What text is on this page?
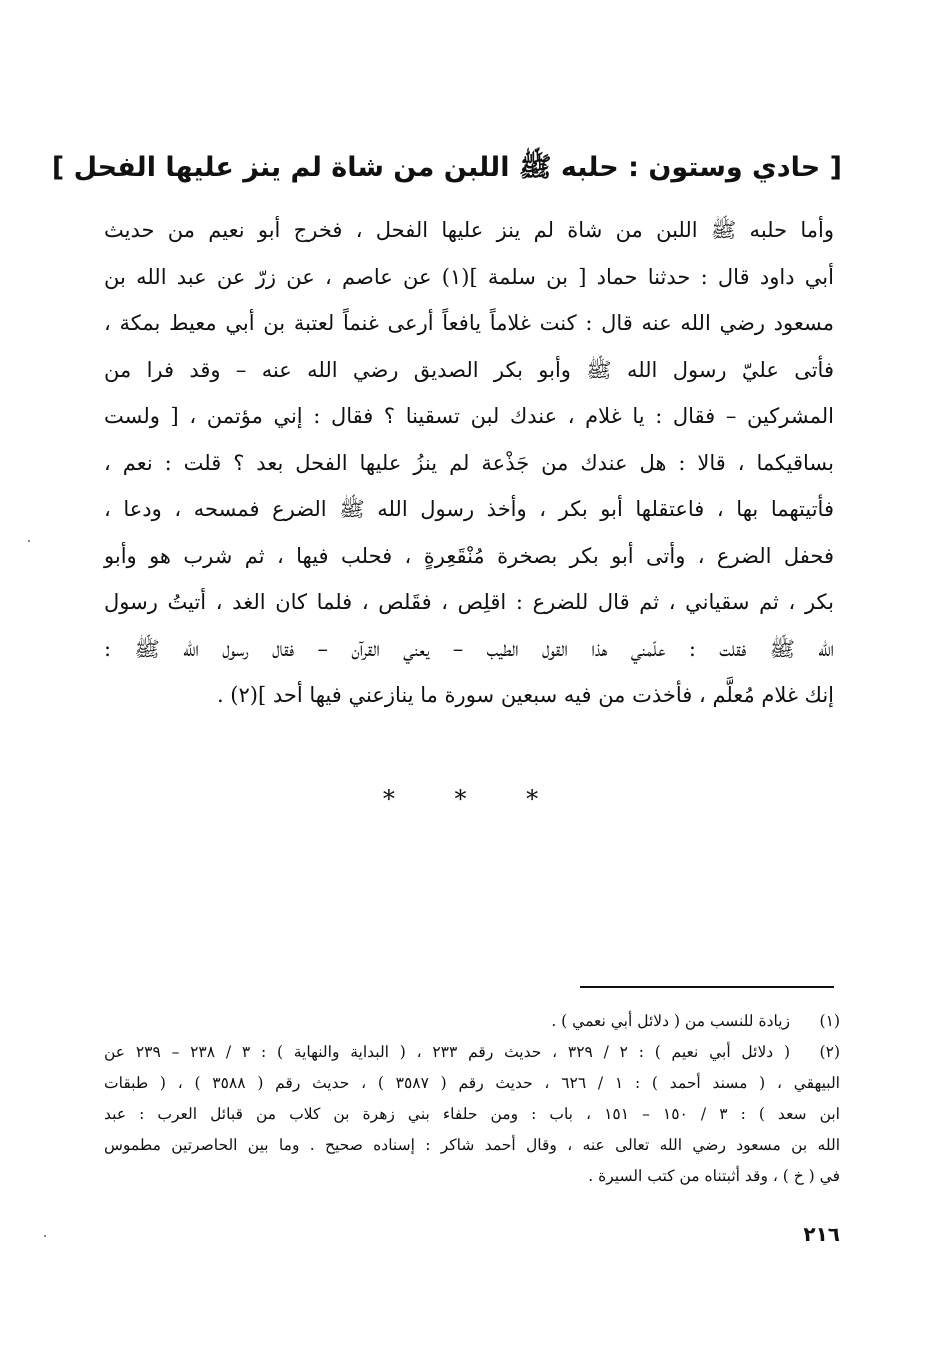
[ حادي وستون : حلبه ﷺ اللبن من شاة لم ينز عليها الفحل ]
وأما حلبه ﷺ اللبن من شاة لم ينز عليها الفحل ، فخرج أبو نعيم من حديث
أبي داود قال : حدثنا حماد [ بن سلمة ](١) عن عاصم ، عن زرّ عن عبد الله بن
مسعود رضي الله عنه قال : كنت غلاماً يافعاً أرعى غنماً لعتبة بن أبي معيط بمكة ،
فأتى عليّ رسول الله ﷺ وأبو بكر الصديق رضي الله عنه – وقد فرا من
المشركين – فقال : يا غلام ، عندك لبن تسقينا ؟ فقال : إني مؤتمن ، [ ولست
بساقيكما ، قالا : هل عندك من جَذْعة لم ينزُ عليها الفحل بعد ؟ قلت : نعم ،
فأتيتهما بها ، فاعتقلها أبو بكر ، وأخذ رسول الله ﷺ الضرع فمسحه ، ودعا ،
فحفل الضرع ، وأتى أبو بكر بصخرة مُنْقَعِرةٍ ، فحلب فيها ، ثم شرب هو وأبو
بكر ، ثم سقياني ، ثم قال للضرع : اقلِص ، فقَلص ، فلما كان الغد ، أتيتُ رسول
الله ﷺ فقلت : علّمني هذا القول الطيب – يعني القرآن – فقال رسول الله ﷺ :
إنك غلام مُعلَّم ، فأخذت من فيه سبعين سورة ما ينازعني فيها أحد ](٢) .
* * *
(١)
زيادة للنسب من ( دلائل أبي نعمي ) .
(٢)
( دلائل أبي نعيم ) : ٢ / ٣٢٩ ، حديث رقم ٢٣٣ ، ( البداية والنهاية ) : ٣ / ٢٣٨ – ٢٣٩ عن
البيهقي ، ( مسند أحمد ) : ١ / ٦٢٦ ، حديث رقم ( ٣٥٨٧ ) ، حديث رقم ( ٣٥٨٨ ) ، ( طبقات
ابن سعد ) : ٣ / ١٥٠ – ١٥١ ، باب : ومن حلفاء بني زهرة بن كلاب من قبائل العرب : عبد
الله بن مسعود رضي الله تعالى عنه ، وقال أحمد شاكر : إسناده صحيح . وما بين الحاصرتين مطموس
في ( خ ) ، وقد أثبتناه من كتب السيرة .
٢١٦
